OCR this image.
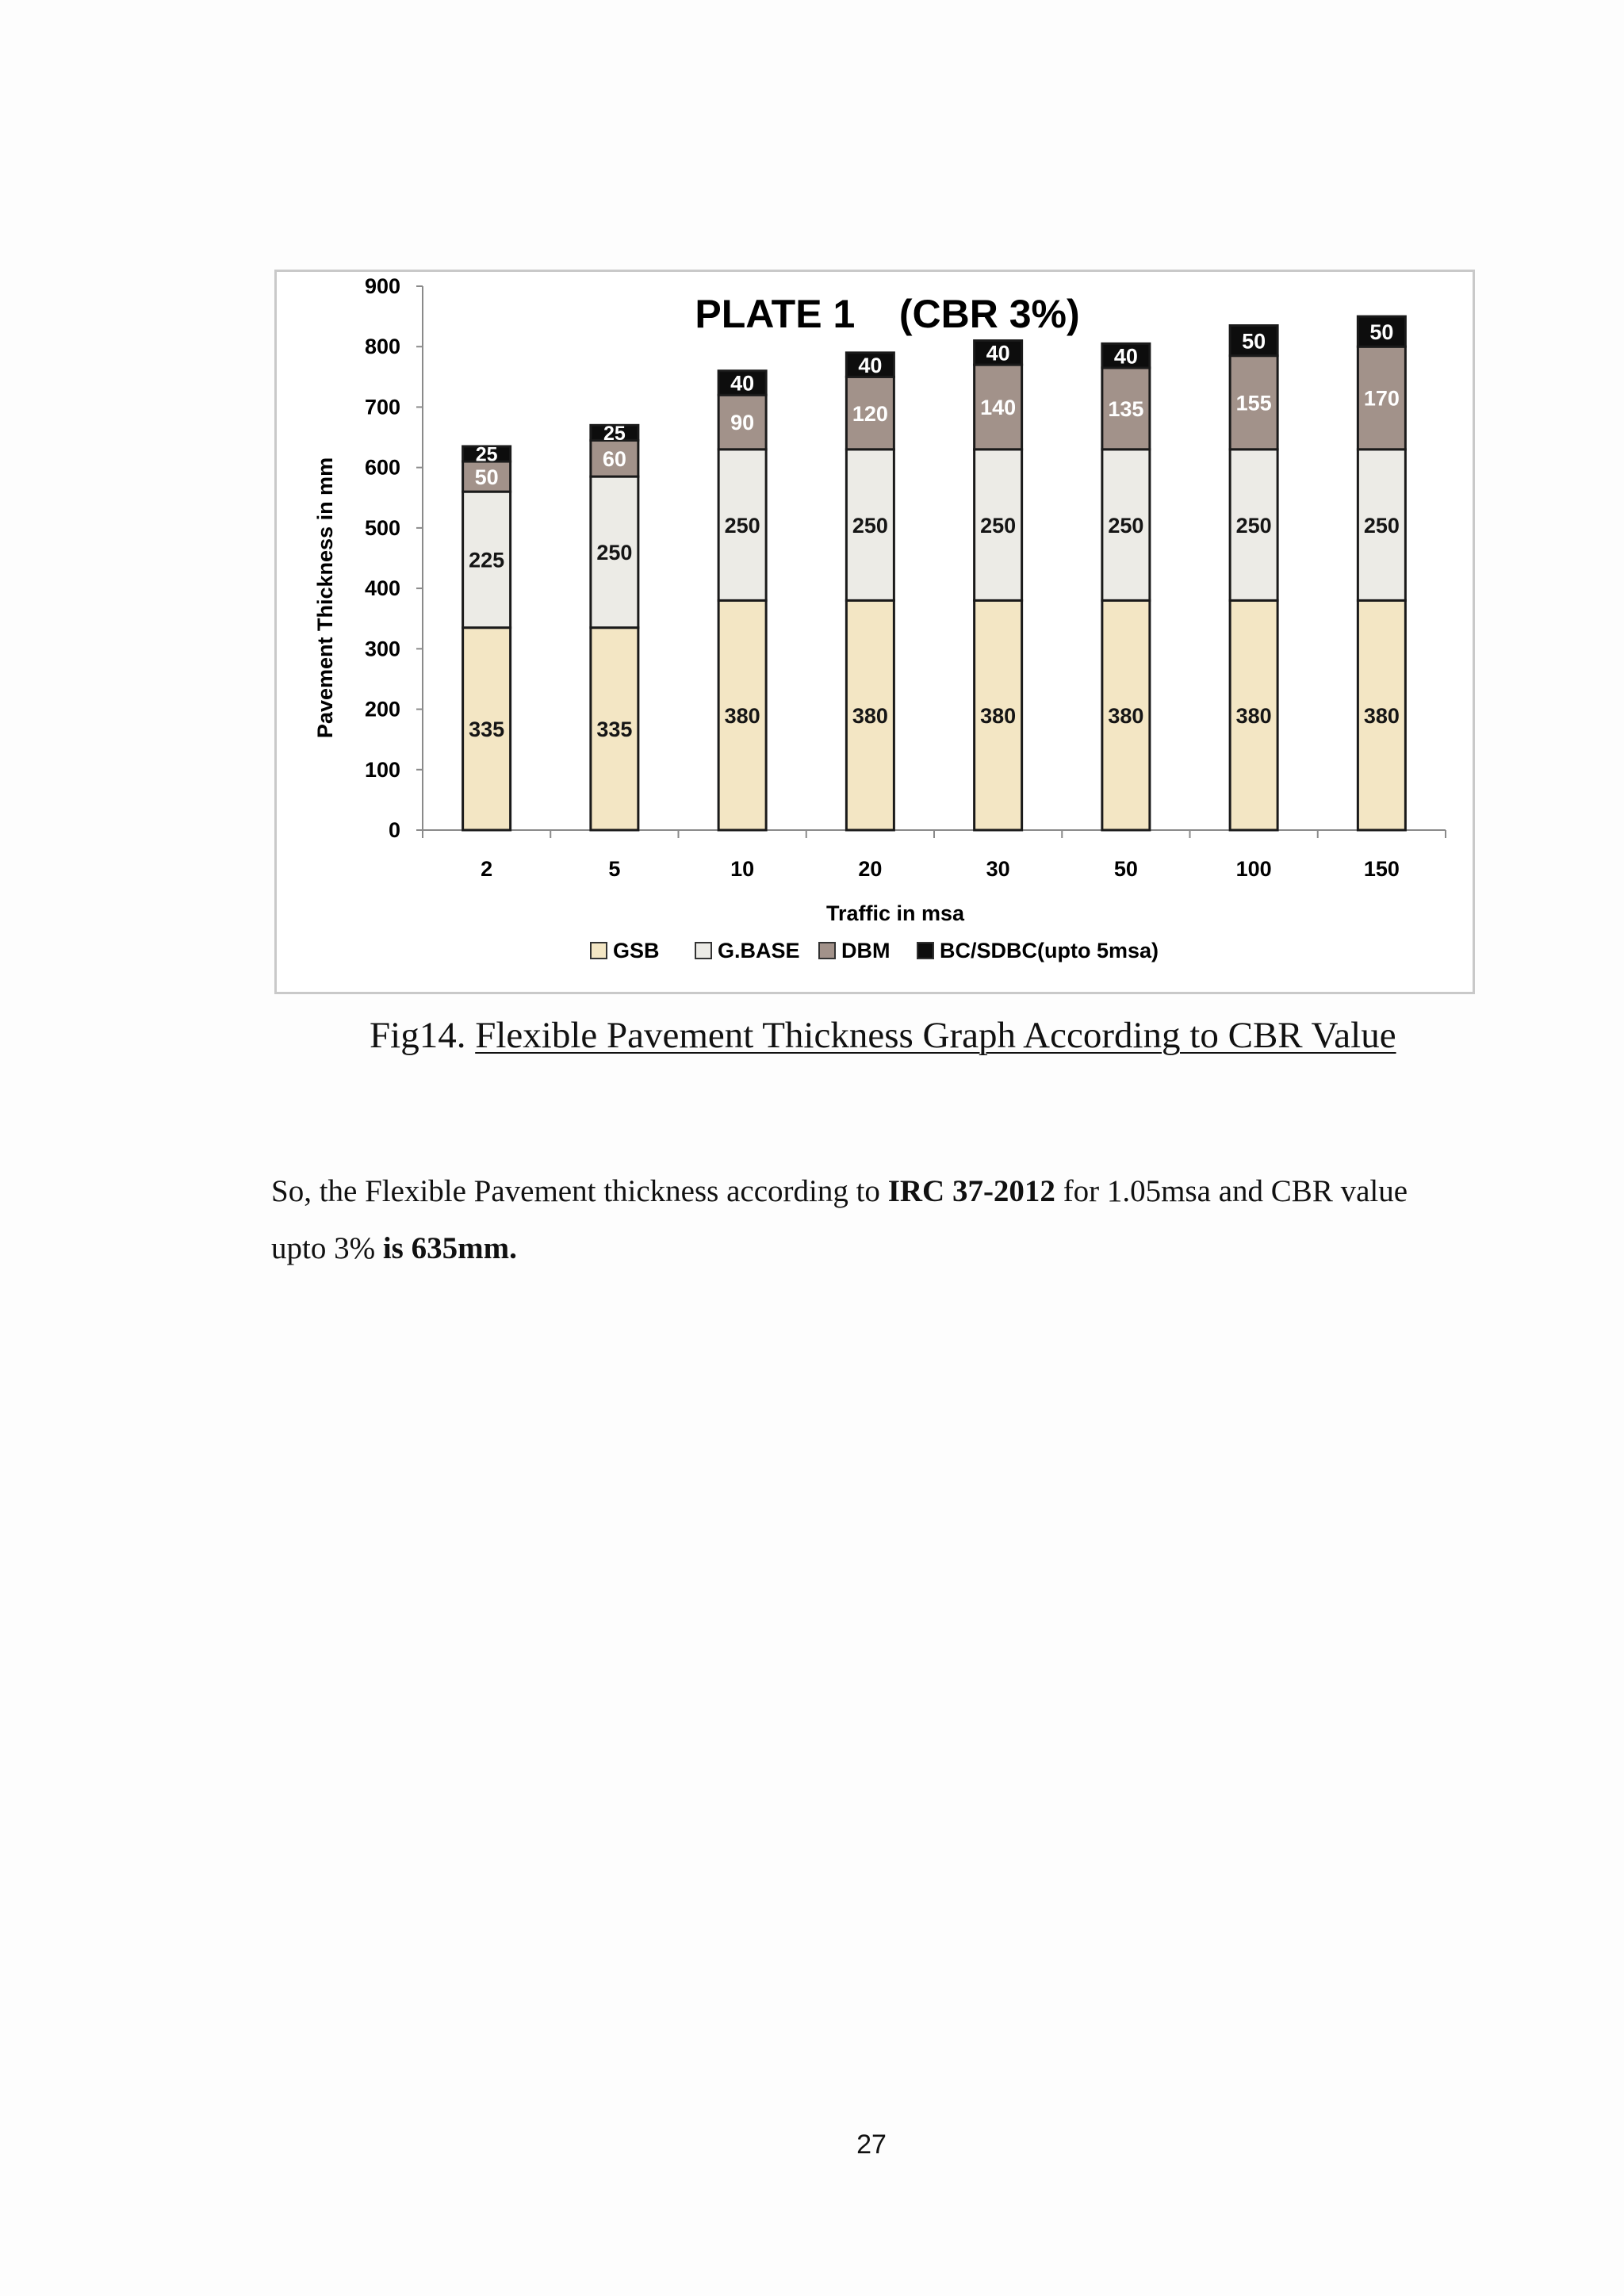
PLATE 1    (CBR 3%)
Pavement Thickness in mm
Traffic in msa
0
100
200
300
400
500
600
700
800
900
335
225
50
25
2
335
250
60
25
5
380
250
90
40
10
380
250
120
40
20
380
250
140
40
30
380
250
135
40
50
380
250
155
50
100
380
250
170
50
150
GSB	G.BASE DBM BC/SDBC(upto 5msa)
Fig14. Flexible Pavement Thickness Graph According to CBR Value

So, the Flexible Pavement thickness according to IRC 37-2012 for 1.05msa and CBR value upto 3% is 635mm.

27
